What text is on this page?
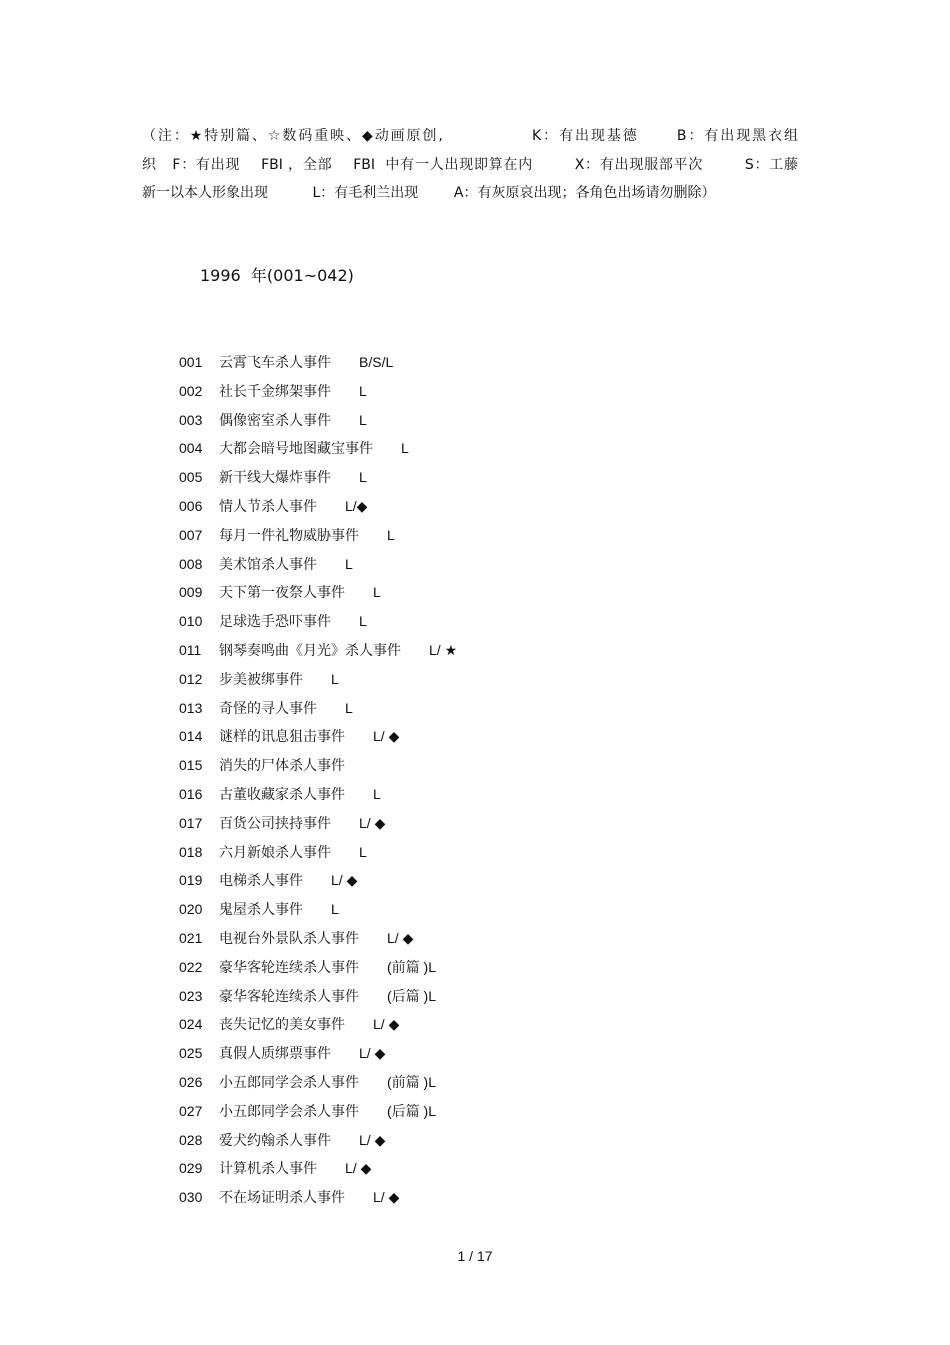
（注：★特别篇、☆数码重映、◆动画原创,              K：有出现基德      B：有出现黑衣组
织   F：有出现    FBI ，全部    FBI  中有一人出现即算在内        X：有出现服部平次        S：工藤
新一以本人形象出现          L：有毛利兰出现        A：有灰原哀出现；各角色出场请勿删除）
1996  年(001~042)
001 云霄飞车杀人事件 B/S/L
002 社长千金绑架事件 L
003 偶像密室杀人事件 L
004 大都会暗号地图藏宝事件 L
005 新干线大爆炸事件 L
006 情人节杀人事件 L/◆
007 每月一件礼物威胁事件 L
008 美术馆杀人事件 L
009 天下第一夜祭人事件 L
010 足球选手恐吓事件 L
011 钢琴奏鸣曲《月光》杀人事件 L/ ★
012 步美被绑事件 L
013 奇怪的寻人事件 L
014 谜样的讯息狙击事件 L/ ◆
015 消失的尸体杀人事件
016 古董收藏家杀人事件 L
017 百货公司挟持事件 L/ ◆
018 六月新娘杀人事件 L
019 电梯杀人事件 L/ ◆
020 鬼屋杀人事件 L
021 电视台外景队杀人事件 L/ ◆
022 豪华客轮连续杀人事件 (前篇 )L
023 豪华客轮连续杀人事件 (后篇 )L
024 丧失记忆的美女事件 L/ ◆
025 真假人质绑票事件 L/ ◆
026 小五郎同学会杀人事件 (前篇 )L
027 小五郎同学会杀人事件 (后篇 )L
028 爱犬约翰杀人事件 L/ ◆
029 计算机杀人事件 L/ ◆
030 不在场证明杀人事件 L/ ◆
1 / 17
